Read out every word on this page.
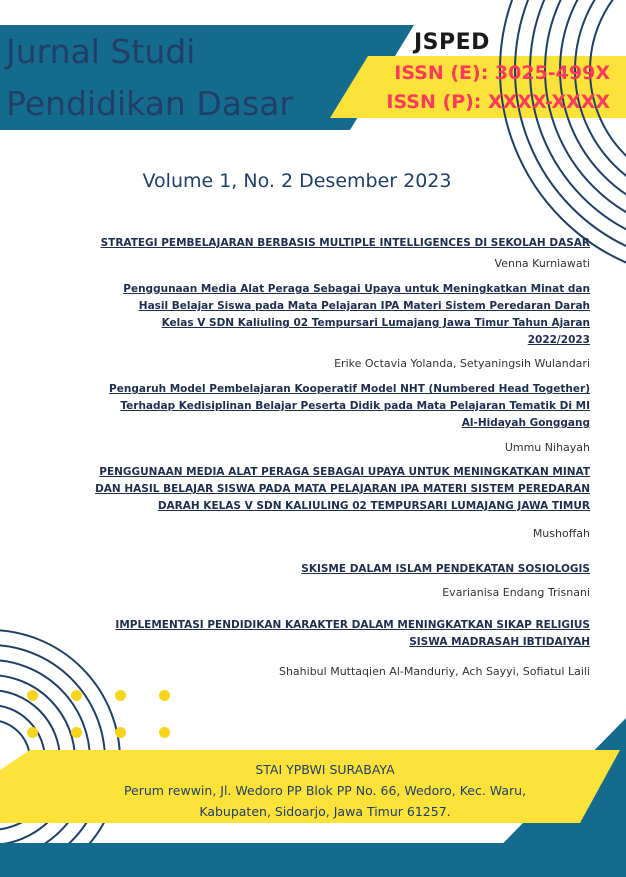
Jurnal Studi
Pendidikan Dasar
JSPED
ISSN (E): 3025-499X
ISSN (P): XXXX-XXXX
Volume 1, No. 2 Desember 2023
STRATEGI PEMBELAJARAN BERBASIS MULTIPLE INTELLIGENCES DI SEKOLAH DASAR
Venna Kurniawati
Penggunaan Media Alat Peraga Sebagai Upaya untuk Meningkatkan Minat dan
Hasil Belajar Siswa pada Mata Pelajaran IPA Materi Sistem Peredaran Darah
Kelas V SDN Kaliuling 02 Tempursari Lumajang Jawa Timur Tahun Ajaran
2022/2023
Erike Octavia Yolanda, Setyaningsih Wulandari
Pengaruh Model Pembelajaran Kooperatif Model NHT (Numbered Head Together)
Terhadap Kedisiplinan Belajar Peserta Didik pada Mata Pelajaran Tematik Di MI
Al-Hidayah Gonggang
Ummu Nihayah
PENGGUNAAN MEDIA ALAT PERAGA SEBAGAI UPAYA UNTUK MENINGKATKAN MINAT
DAN HASIL BELAJAR SISWA PADA MATA PELAJARAN IPA MATERI SISTEM PEREDARAN
DARAH KELAS V SDN KALIULING 02 TEMPURSARI LUMAJANG JAWA TIMUR
Mushoffah
SKISME DALAM ISLAM PENDEKATAN SOSIOLOGIS
Evarianisa Endang Trisnani
IMPLEMENTASI PENDIDIKAN KARAKTER DALAM MENINGKATKAN SIKAP RELIGIUS
SISWA MADRASAH IBTIDAIYAH
Shahibul Muttaqien Al-Manduriy, Ach Sayyi, Sofiatul Laili
STAI YPBWI SURABAYA
Perum rewwin, Jl. Wedoro PP Blok PP No. 66, Wedoro, Kec. Waru,
Kabupaten, Sidoarjo, Jawa Timur 61257.
